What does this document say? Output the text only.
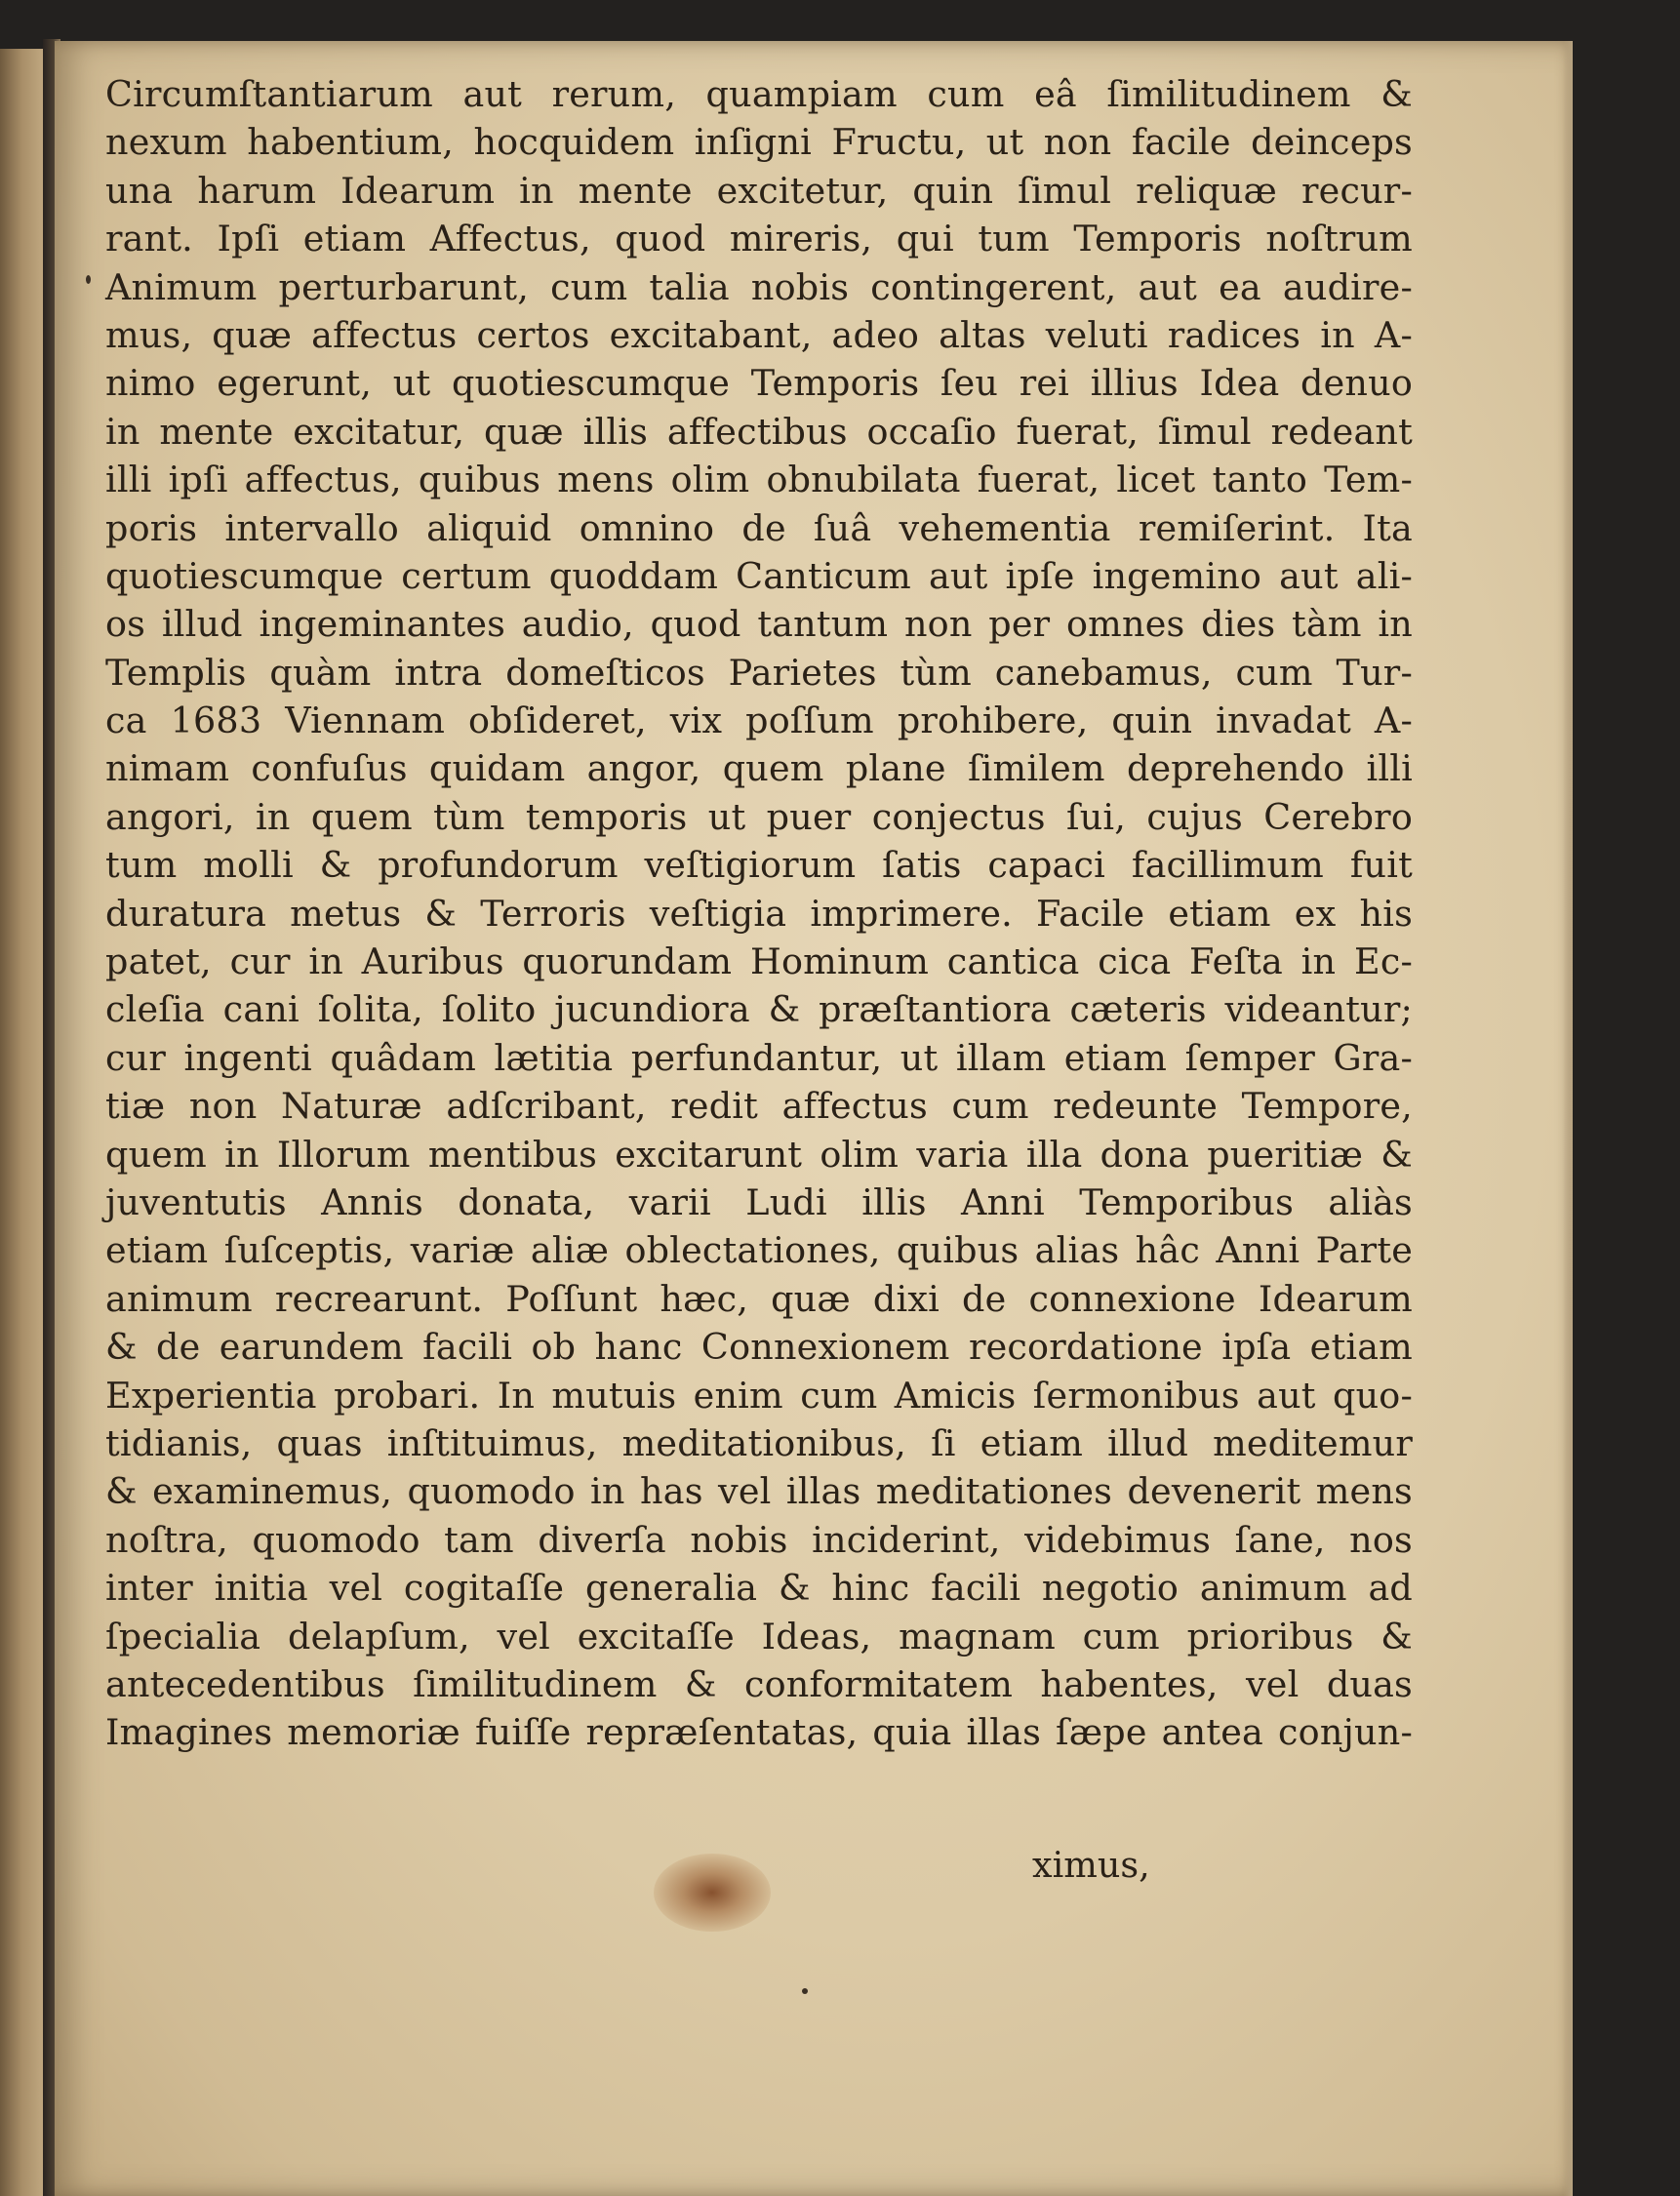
Circumſtantiarum aut rerum, quampiam cum eâ ſimilitudinem &
nexum habentium, hocquidem inſigni Fructu, ut non facile deinceps
una harum Idearum in mente excitetur, quin ſimul reliquæ recur-
rant. Ipſi etiam Affectus, quod mireris, qui tum Temporis noſtrum
Animum perturbarunt, cum talia nobis contingerent, aut ea audire-
mus, quæ affectus certos excitabant, adeo altas veluti radices in A-
nimo egerunt, ut quotiescumque Temporis ſeu rei illius Idea denuo
in mente excitatur, quæ illis affectibus occaſio fuerat, ſimul redeant
illi ipſi affectus, quibus mens olim obnubilata fuerat, licet tanto Tem-
poris intervallo aliquid omnino de ſuâ vehementia remiſerint. Ita
quotiescumque certum quoddam Canticum aut ipſe ingemino aut ali-
os illud ingeminantes audio, quod tantum non per omnes dies tàm in
Templis quàm intra domeſticos Parietes tùm canebamus, cum Tur-
ca 1683 Viennam obſideret, vix poſſum prohibere, quin invadat A-
nimam confuſus quidam angor, quem plane ſimilem deprehendo illi
angori, in quem tùm temporis ut puer conjectus ſui, cujus Cerebro
tum molli & profundorum veſtigiorum ſatis capaci facillimum fuit
duratura metus & Terroris veſtigia imprimere. Facile etiam ex his
patet, cur in Auribus quorundam Hominum cantica cica Feſta in Ec-
cleſia cani ſolita, ſolito jucundiora & præſtantiora cæteris videantur;
cur ingenti quâdam lætitia perfundantur, ut illam etiam ſemper Gra-
tiæ non Naturæ adſcribant, redit affectus cum redeunte Tempore,
quem in Illorum mentibus excitarunt olim varia illa dona pueritiæ &
juventutis Annis donata, varii Ludi illis Anni Temporibus aliàs
etiam ſuſceptis, variæ aliæ oblectationes, quibus alias hâc Anni Parte
animum recrearunt. Poſſunt hæc, quæ dixi de connexione Idearum
& de earundem facili ob hanc Connexionem recordatione ipſa etiam
Experientia probari. In mutuis enim cum Amicis ſermonibus aut quo-
tidianis, quas inſtituimus, meditationibus, ſi etiam illud meditemur
& examinemus, quomodo in has vel illas meditationes devenerit mens
noſtra, quomodo tam diverſa nobis inciderint, videbimus ſane, nos
inter initia vel cogitaſſe generalia & hinc facili negotio animum ad
ſpecialia delapſum, vel excitaſſe Ideas, magnam cum prioribus &
antecedentibus ſimilitudinem & conformitatem habentes, vel duas
Imagines memoriæ fuiſſe repræſentatas, quia illas ſæpe antea conjun-
ximus,
